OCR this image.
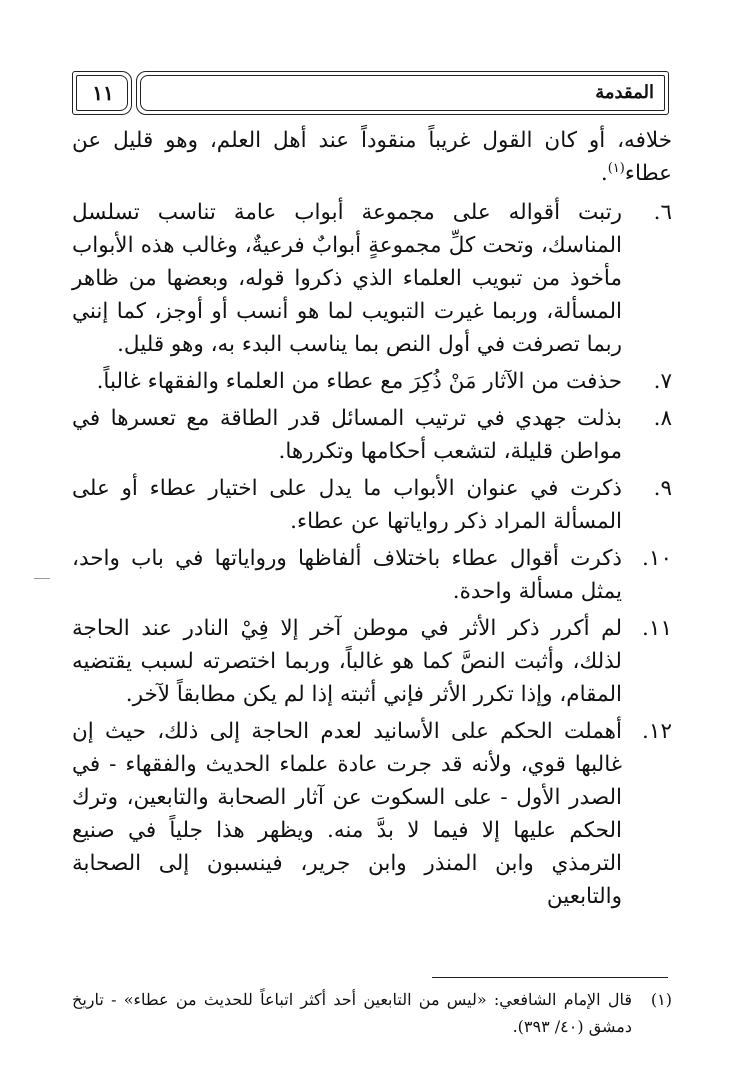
المقدمة
١١

خلافه، أو كان القول غريباً منقوداً عند أهل العلم، وهو قليل عن عطاء$^{(١)}$.

٦.
رتبت أقواله على مجموعة أبواب عامة تناسب تسلسل المناسك، وتحت كلِّ مجموعةٍ أبوابٌ فرعيةٌ، وغالب هذه الأبواب مأخوذ من تبويب العلماء الذي ذكروا قوله، وبعضها من ظاهر المسألة، وربما غيرت التبويب لما هو أنسب أو أوجز، كما إنني ربما تصرفت في أول النص بما يناسب البدء به، وهو قليل.
٧.
حذفت من الآثار مَنْ ذُكِرَ مع عطاء من العلماء والفقهاء غالباً.
٨.
بذلت جهدي في ترتيب المسائل قدر الطاقة مع تعسرها في مواطن قليلة، لتشعب أحكامها وتكررها.
٩.
ذكرت في عنوان الأبواب ما يدل على اختيار عطاء أو على المسألة المراد ذكر رواياتها عن عطاء.
١٠.
ذكرت أقوال عطاء باختلاف ألفاظها ورواياتها في باب واحد، يمثل مسألة واحدة.
١١.
لم أكرر ذكر الأثر في موطن آخر إلا فِيْ النادر عند الحاجة لذلك، وأثبت النصَّ كما هو غالباً، وربما اختصرته لسبب يقتضيه المقام، وإذا تكرر الأثر فإني أثبته إذا لم يكن مطابقاً لآخر.
١٢.
أهملت الحكم على الأسانيد لعدم الحاجة إلى ذلك، حيث إن غالبها قوي، ولأنه قد جرت عادة علماء الحديث والفقهاء - في الصدر الأول - على السكوت عن آثار الصحابة والتابعين، وترك الحكم عليها إلا فيما لا بدَّ منه. ويظهر هذا جلياً في صنيع الترمذي وابن المنذر وابن جرير، فينسبون إلى الصحابة والتابعين
(١)
قال الإمام الشافعي: «ليس من التابعين أحد أكثر اتباعاً للحديث من عطاء» - تاريخ دمشق (٤٠/ ٣٩٣).
